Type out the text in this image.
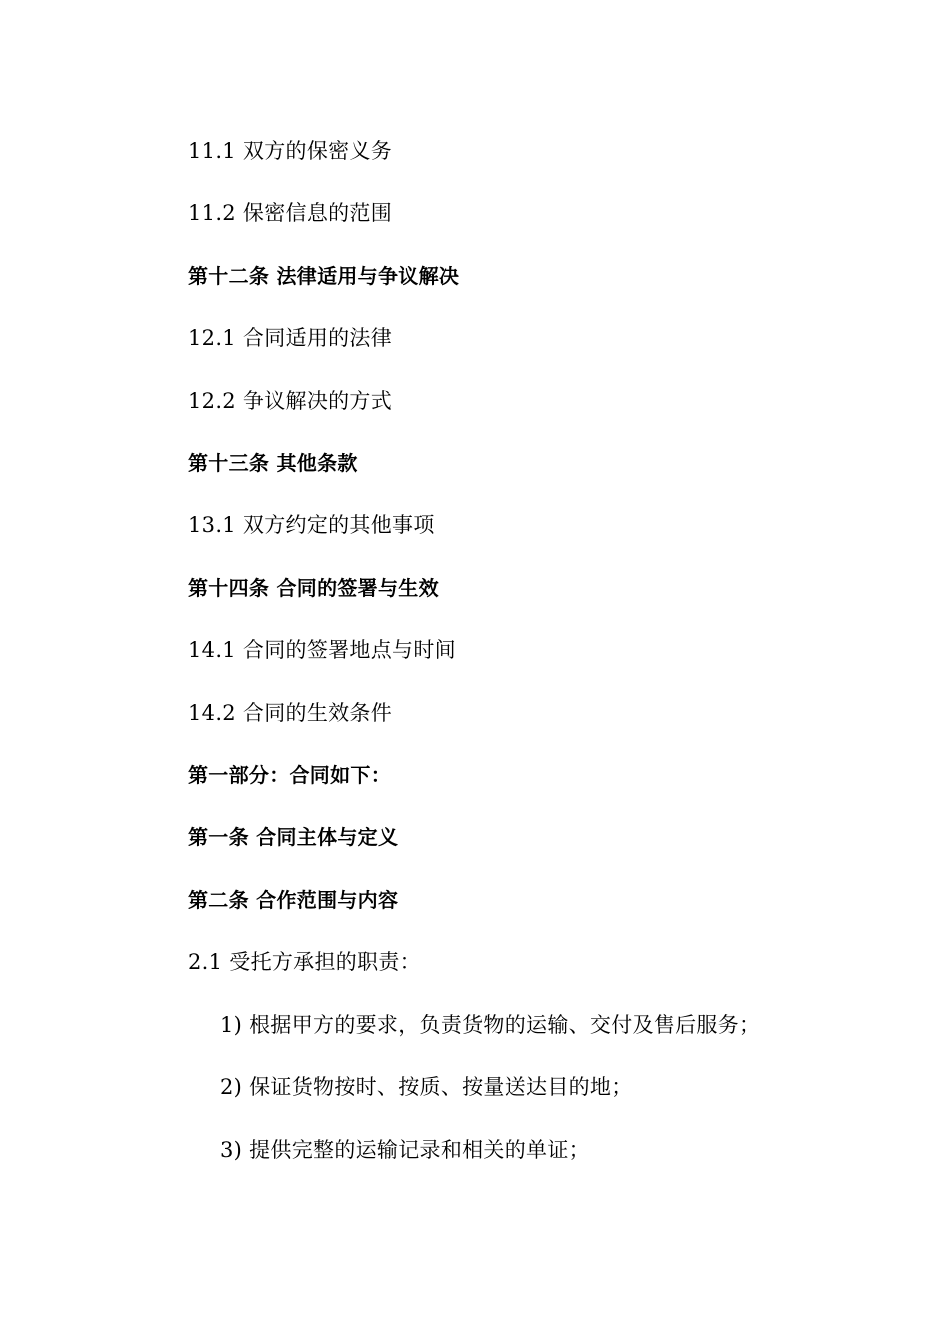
11.1 双方的保密义务
11.2 保密信息的范围
第十二条 法律适用与争议解决
12.1 合同适用的法律
12.2 争议解决的方式
第十三条 其他条款
13.1 双方约定的其他事项
第十四条 合同的签署与生效
14.1 合同的签署地点与时间
14.2 合同的生效条件
第一部分：合同如下：
第一条 合同主体与定义
第二条 合作范围与内容
2.1 受托方承担的职责：
1) 根据甲方的要求，负责货物的运输、交付及售后服务；
2) 保证货物按时、按质、按量送达目的地；
3) 提供完整的运输记录和相关的单证；
